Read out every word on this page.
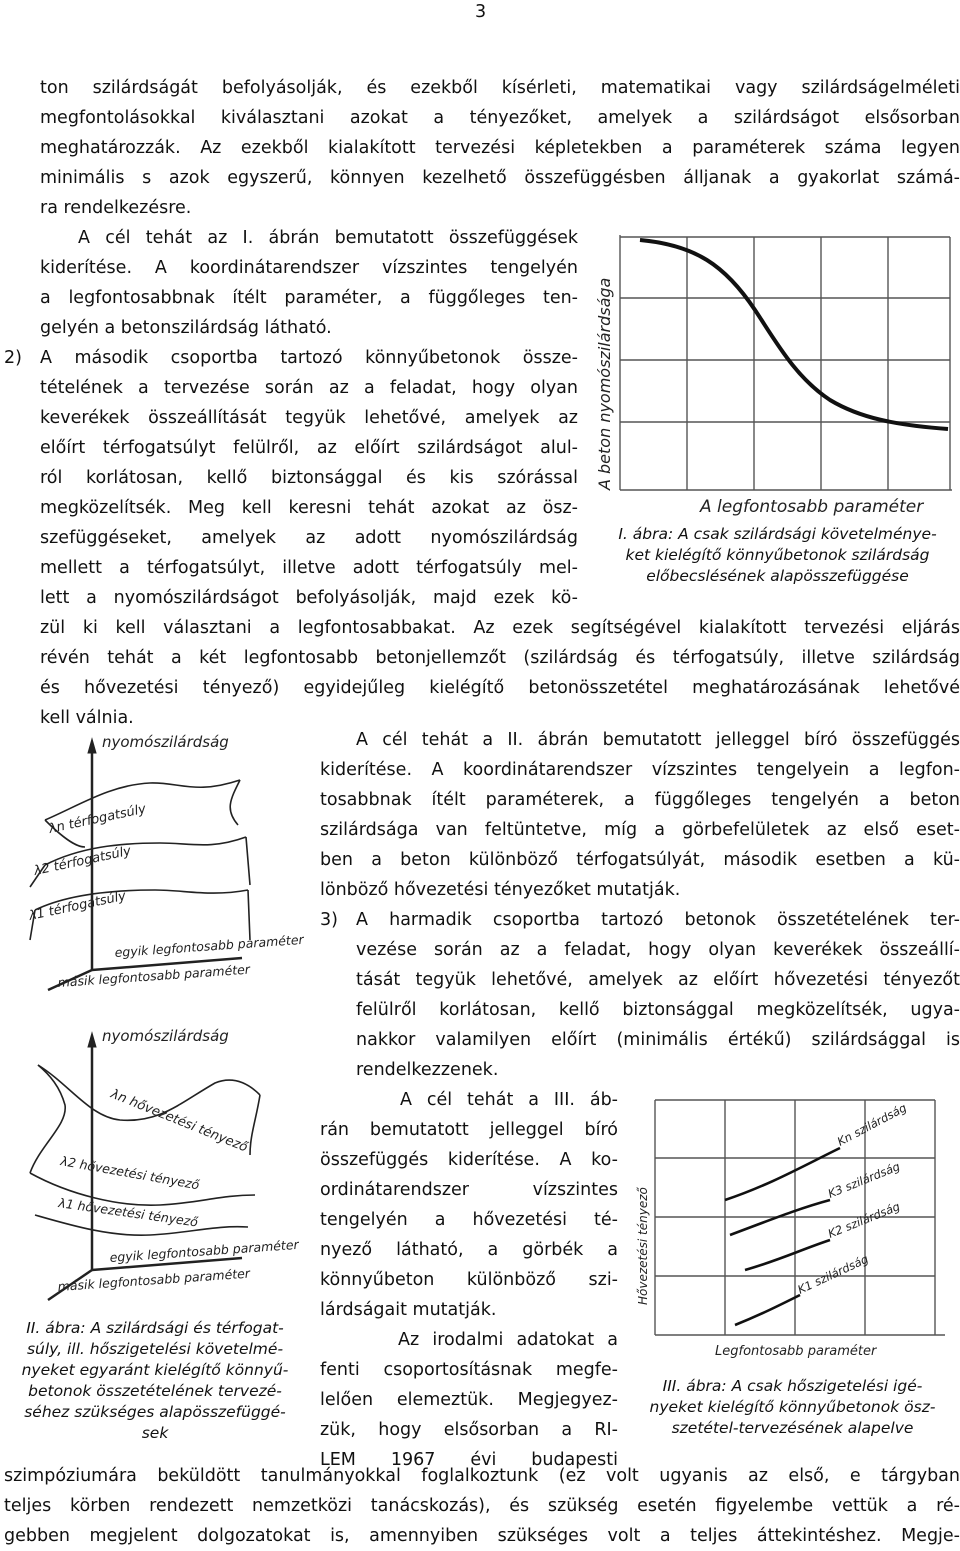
3
ton szilárdságát befolyásolják, és ezekből kísérleti, matematikai vagy szilárdságelméleti
megfontolásokkal kiválasztani azokat a tényezőket, amelyek a szilárdságot elsősorban
meghatározzák. Az ezekből kialakított tervezési képletekben a paraméterek száma legyen
minimális s azok egyszerű, könnyen kezelhető összefüggésben álljanak a gyakorlat számá-
ra rendelkezésre.
A cél tehát az I. ábrán bemutatott összefüggések
kiderítése. A koordinátarendszer vízszintes tengelyén
a legfontosabbnak ítélt paraméter, a függőleges ten-
gelyén a betonszilárdság látható.
2) A második csoportba tartozó könnyűbetonok össze-
tételének a tervezése során az a feladat, hogy olyan
keverékek összeállítását tegyük lehetővé, amelyek az
előírt térfogatsúlyt felülről, az előírt szilárdságot alul-
ról korlátosan, kellő biztonsággal és kis szórással
megközelítsék. Meg kell keresni tehát azokat az ösz-
szefüggéseket, amelyek az adott nyomószilárdság
mellett a térfogatsúlyt, illetve adott térfogatsúly mel-
lett a nyomószilárdságot befolyásolják, majd ezek kö-
zül ki kell választani a legfontosabbakat. Az ezek segítségével kialakított tervezési eljárás
révén tehát a két legfontosabb betonjellemzőt (szilárdság és térfogatsúly, illetve szilárdság
és hővezetési tényező) egyidejűleg kielégítő betonösszetétel meghatározásának lehetővé
kell válnia.
A beton nyomószilárdsága
A legfontosabb paraméter
I. ábra: A csak szilárdsági követelménye-
ket kielégítő könnyűbetonok szilárdság
előbecslésének alapösszefüggése
nyomószilárdság
λn térfogatsúly
λ2 térfogatsúly
λ1 térfogatsúly
egyik legfontosabb paraméter
másik legfontosabb paraméter
nyomószilárdság
λn hővezetési tényező
λ2 hővezetési tényező
λ1 hővezetési tényező
egyik legfontosabb paraméter
másik legfontosabb paraméter
II. ábra: A szilárdsági és térfogat-
súly, ill. hőszigetelési követelmé-
nyeket egyaránt kielégítő könnyű-
betonok összetételének tervezé-
séhez szükséges alapösszefüggé-
sek
A cél tehát a II. ábrán bemutatott jelleggel bíró összefüggés
kiderítése. A koordinátarendszer vízszintes tengelyein a legfon-
tosabbnak ítélt paraméterek, a függőleges tengelyén a beton
szilárdsága van feltüntetve, míg a görbefelületek az első eset-
ben a beton különböző térfogatsúlyát, második esetben a kü-
lönböző hővezetési tényezőket mutatják.
3) A harmadik csoportba tartozó betonok összetételének ter-
vezése során az a feladat, hogy olyan keverékek összeállí-
tását tegyük lehetővé, amelyek az előírt hővezetési tényezőt
felülről korlátosan, kellő biztonsággal megközelítsék, ugya-
nakkor valamilyen előírt (minimális értékű) szilárdsággal is
rendelkezzenek.
A cél tehát a III. áb-
rán bemutatott jelleggel bíró
összefüggés kiderítése. A ko-
ordinátarendszer vízszintes
tengelyén a hővezetési té-
nyező látható, a görbék a
könnyűbeton különböző szi-
lárdságait mutatják.
Az irodalmi adatokat a
fenti csoportosításnak megfe-
lelően elemeztük. Megjegyez-
zük, hogy elsősorban a RI-
LEM 1967 évi budapesti
Kn szilárdság
K3 szilárdság
K2 szilárdság
K1 szilárdság
Hővezetési tényező
Legfontosabb paraméter
III. ábra: A csak hőszigetelési igé-
nyeket kielégítő könnyűbetonok ösz-
szetétel-tervezésének alapelve
szimpóziumára beküldött tanulmányokkal foglalkoztunk (ez volt ugyanis az első, e tárgyban
teljes körben rendezett nemzetközi tanácskozás), és szükség esetén figyelembe vettük a ré-
gebben megjelent dolgozatokat is, amennyiben szükséges volt a teljes áttekintéshez. Megje-
